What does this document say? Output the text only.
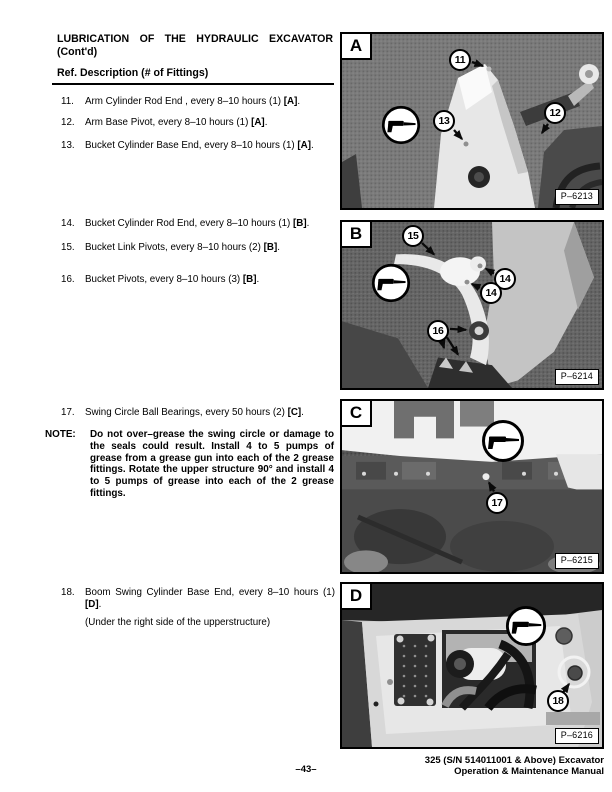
LUBRICATION OF THE HYDRAULIC EXCAVATOR
(Cont'd)
Ref. Description (# of Fittings)
11. Arm Cylinder Rod End , every 8–10 hours (1) [A].
12. Arm Base Pivot, every 8–10 hours (1) [A].
13. Bucket Cylinder Base End, every 8–10 hours (1) [A].
14. Bucket Cylinder Rod End, every 8–10 hours (1) [B].
15. Bucket Link Pivots, every 8–10 hours (2) [B].
16. Bucket Pivots, every 8–10 hours (3) [B].
17. Swing Circle Ball Bearings, every 50 hours (2) [C].
NOTE: Do not over–grease the swing circle or damage to the seals could result. Install 4 to 5 pumps of grease from a grease gun into each of the 2 grease fittings. Rotate the upper structure 90° and install 4 to 5 pumps of grease into each of the 2 grease fittings.
18. Boom Swing Cylinder Base End, every 8–10 hours (1) [D].
(Under the right side of the upperstructure)
A
11
13
12
P–6213
B	15
14
14
16
P–6214
C
17
P–6215
D
18
P–6216
–43–
325 (S/N 514011001 & Above) Excavator
Operation & Maintenance Manual
